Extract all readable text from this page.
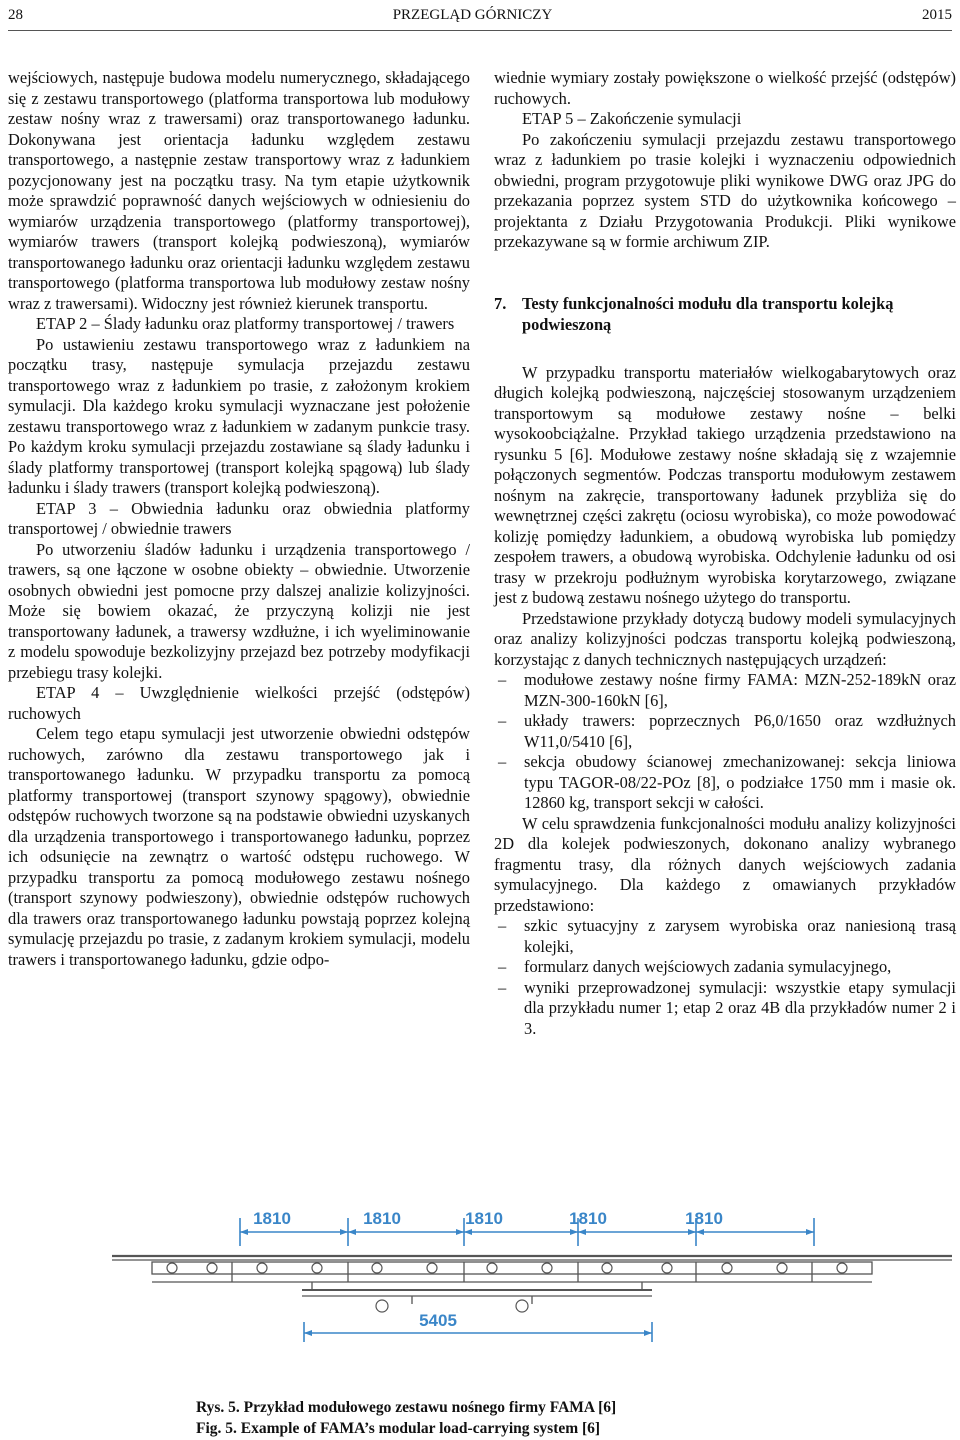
28	PRZEGLĄD GÓRNICZY	2015

wejściowych, następuje budowa modelu numerycznego, składającego się z zestawu transportowego (platforma transportowa lub modułowy zestaw nośny wraz z trawersami) oraz transportowanego ładunku. Dokonywana jest orientacja ładunku względem zestawu transportowego, a następnie zestaw transportowy wraz z ładunkiem pozycjonowany jest na początku trasy. Na tym etapie użytkownik może sprawdzić poprawność danych wejściowych w odniesieniu do wymiarów urządzenia transportowego (platformy transportowej), wymiarów trawers (transport kolejką podwieszoną), wymiarów transportowanego ładunku oraz orientacji ładunku względem zestawu transportowego (platforma transportowa lub modułowy zestaw nośny wraz z trawersami). Widoczny jest również kierunek transportu.

ETAP 2 – Ślady ładunku oraz platformy transportowej / trawers

Po ustawieniu zestawu transportowego wraz z ładunkiem na początku trasy, następuje symulacja przejazdu zestawu transportowego wraz z ładunkiem po trasie, z założonym krokiem symulacji. Dla każdego kroku symulacji wyznaczane jest położenie zestawu transportowego wraz z ładunkiem w zadanym punkcie trasy. Po każdym kroku symulacji przejazdu zostawiane są ślady ładunku i ślady platformy transportowej (transport kolejką spągową) lub ślady ładunku i ślady trawers (transport kolejką podwieszoną).

ETAP 3 – Obwiednia ładunku oraz obwiednia platformy transportowej / obwiednie trawers

Po utworzeniu śladów ładunku i urządzenia transportowego / trawers, są one łączone w osobne obiekty – obwiednie. Utworzenie osobnych obwiedni jest pomocne przy dalszej analizie kolizyjności. Może się bowiem okazać, że przyczyną kolizji nie jest transportowany ładunek, a trawersy wzdłużne, i ich wyeliminowanie z modelu spowoduje bezkolizyjny przejazd bez potrzeby modyfikacji przebiegu trasy kolejki.

ETAP 4 – Uwzględnienie wielkości przejść (odstępów) ruchowych

Celem tego etapu symulacji jest utworzenie obwiedni odstępów ruchowych, zarówno dla zestawu transportowego jak i transportowanego ładunku. W przypadku transportu za pomocą platformy transportowej (transport szynowy spągowy), obwiednie odstępów ruchowych tworzone są na podstawie obwiedni uzyskanych dla urządzenia transportowego i transportowanego ładunku, poprzez ich odsunięcie na zewnątrz o wartość odstępu ruchowego. W przypadku transportu za pomocą modułowego zestawu nośnego (transport szynowy podwieszony), obwiednie odstępów ruchowych dla trawers oraz transportowanego ładunku powstają poprzez kolejną symulację przejazdu po trasie, z zadanym krokiem symulacji, modelu trawers i transportowanego ładunku, gdzie odpo-

wiednie wymiary zostały powiększone o wielkość przejść (odstępów) ruchowych.

ETAP 5 – Zakończenie symulacji

Po zakończeniu symulacji przejazdu zestawu transportowego wraz z ładunkiem po trasie kolejki i wyznaczeniu odpowiednich obwiedni, program przygotowuje pliki wynikowe DWG oraz JPG do przekazania poprzez system STD do użytkownika końcowego – projektanta z Działu Przygotowania Produkcji. Pliki wynikowe przekazywane są w formie archiwum ZIP.

7. Testy funkcjonalności modułu dla transportu kolejką podwieszoną

W przypadku transportu materiałów wielkogabarytowych oraz długich kolejką podwieszoną, najczęściej stosowanym urządzeniem transportowym są modułowe zestawy nośne – belki wysokoobciążalne. Przykład takiego urządzenia przedstawiono na rysunku 5 [6]. Modułowe zestawy nośne składają się z wzajemnie połączonych segmentów. Podczas transportu modułowym zestawem nośnym na zakręcie, transportowany ładunek przybliża się do wewnętrznej części zakrętu (ociosu wyrobiska), co może powodować kolizję pomiędzy ładunkiem, a obudową wyrobiska lub pomiędzy zespołem trawers, a obudową wyrobiska. Odchylenie ładunku od osi trasy w przekroju podłużnym wyrobiska korytarzowego, związane jest z budową zestawu nośnego użytego do transportu.

Przedstawione przykłady dotyczą budowy modeli symulacyjnych oraz analizy kolizyjności podczas transportu kolejką podwieszoną, korzystając z danych technicznych następujących urządzeń:

– modułowe zestawy nośne firmy FAMA: MZN-252-189kN oraz MZN-300-160kN [6],
– układy trawers: poprzecznych P6,0/1650 oraz wzdłużnych W11,0/5410 [6],
– sekcja obudowy ścianowej zmechanizowanej: sekcja liniowa typu TAGOR-08/22-POz [8], o podziałce 1750 mm i masie ok. 12860 kg, transport sekcji w całości.

W celu sprawdzenia funkcjonalności modułu analizy kolizyjności 2D dla kolejek podwieszonych, dokonano analizy wybranego fragmentu trasy, dla różnych danych wejściowych zadania symulacyjnego. Dla każdego z omawianych przykładów przedstawiono:

– szkic sytuacyjny z zarysem wyrobiska oraz naniesioną trasą kolejki,
– formularz danych wejściowych zadania symulacyjnego,
– wyniki przeprowadzonej symulacji: wszystkie etapy symulacji dla przykładu numer 1; etap 2 oraz 4B dla przykładów numer 2 i 3.
1810	1810	1810	1810	1810
5405
Rys. 5. Przykład modułowego zestawu nośnego firmy FAMA [6]
Fig. 5. Example of FAMA’s modular load-carrying system [6]
